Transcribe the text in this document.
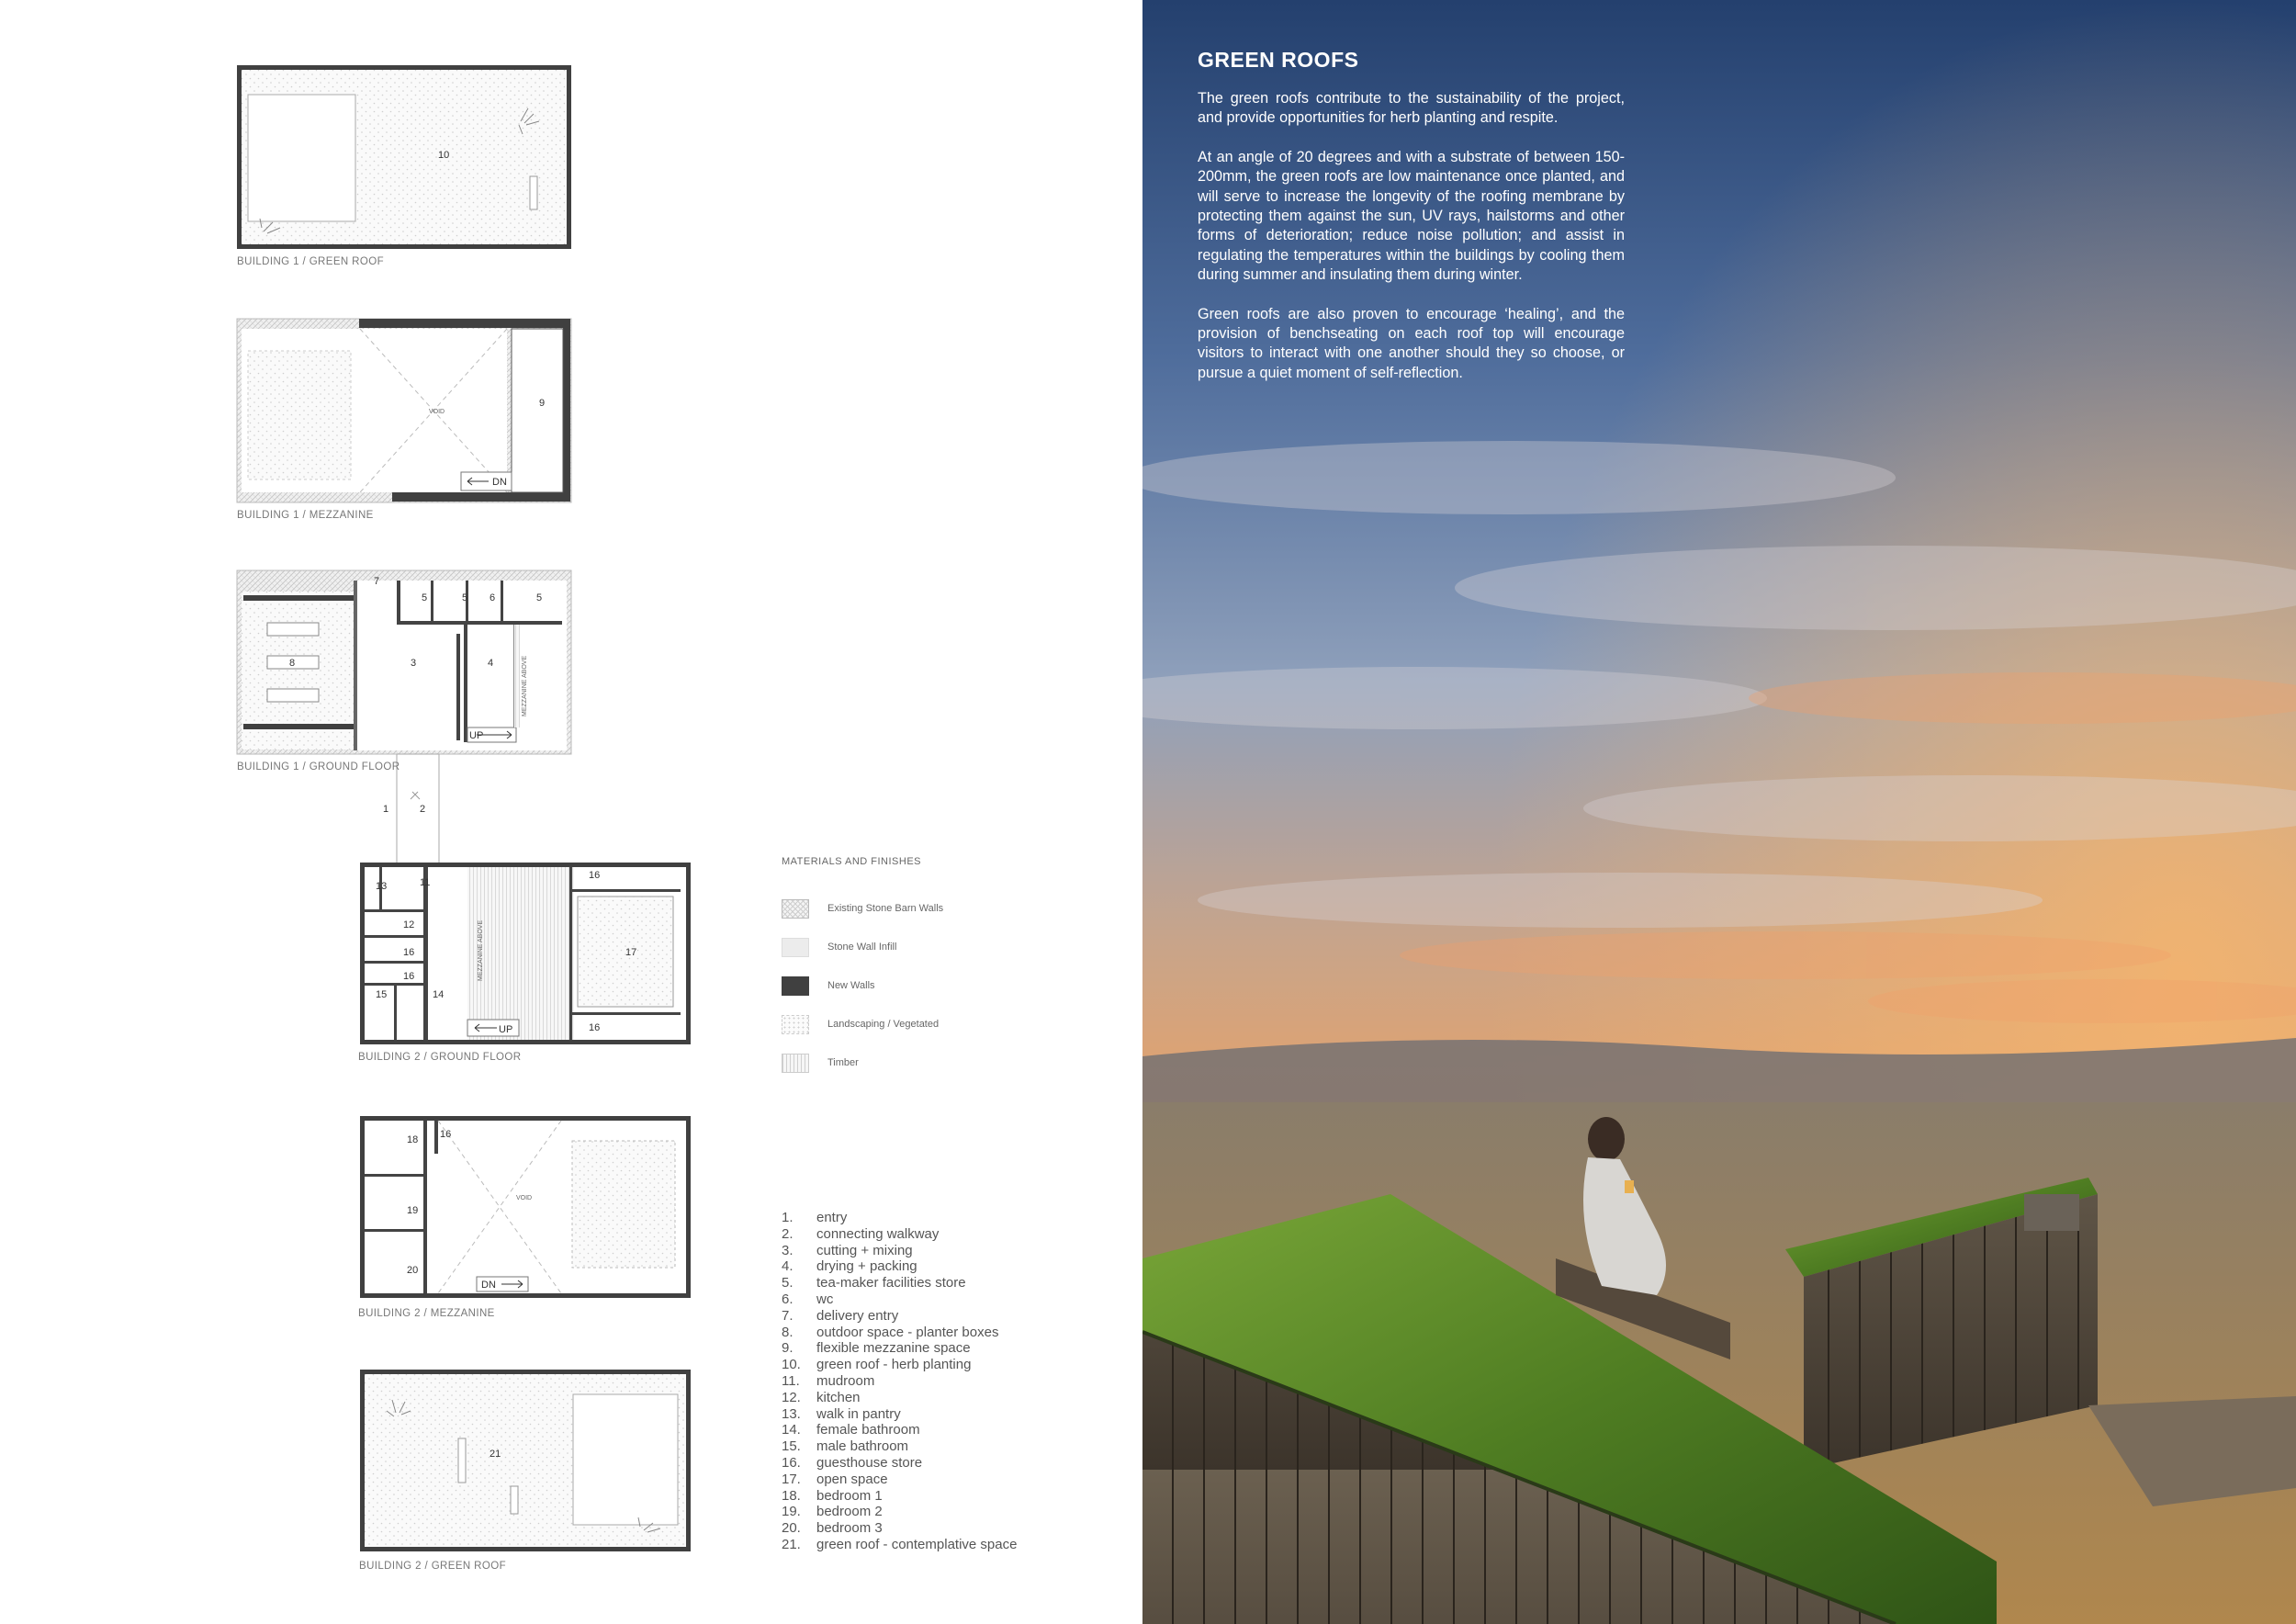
10
BUILDING 1 / GREEN ROOF
VOID
DN
9
BUILDING 1 / MEZZANINE
7
5	5 6	5
8	3	4
UP
MEZZANINE ABOVE
1	2
BUILDING 1 / GROUND FLOOR
MEZZANINE ABOVE
UP
13	11
12
16
16
15	14
16
17
16
BUILDING 2 / GROUND FLOOR
VOID
DN
18 16
19
20
BUILDING 2 / MEZZANINE
21
BUILDING 2 / GREEN ROOF
MATERIALS AND FINISHES
Existing Stone Barn Walls
Stone Wall Infill
New Walls
Landscaping / Vegetated
Timber
1.	entry
2.	connecting walkway
3.	cutting + mixing
4.	drying + packing
5.	tea-maker facilities store
6.	wc
7.	delivery entry
8.	outdoor space - planter boxes
9.	flexible mezzanine space
10.	green roof - herb planting
11.	mudroom
12.	kitchen
13.	walk in pantry
14.	female bathroom
15.	male bathroom
16.	guesthouse store
17.	open space
18.	bedroom 1
19.	bedroom 2
20.	bedroom 3
21.	green roof - contemplative space
GREEN ROOFS

The green roofs contribute to the sustainability of the project, and provide opportunities for herb planting and respite.

At an angle of 20 degrees and with a substrate of between 150-200mm, the green roofs are low maintenance once planted, and will serve to increase the longevity of the roofing membrane by protecting them against the sun, UV rays, hailstorms and other forms of deterioration; reduce noise pollution; and assist in regulating the temperatures within the buildings by cooling them during summer and insulating them during winter.

Green roofs are also proven to encourage ‘healing’, and the provision of benchseating on each roof top will encourage visitors to interact with one another should they so choose, or pursue a quiet moment of self-reflection.
